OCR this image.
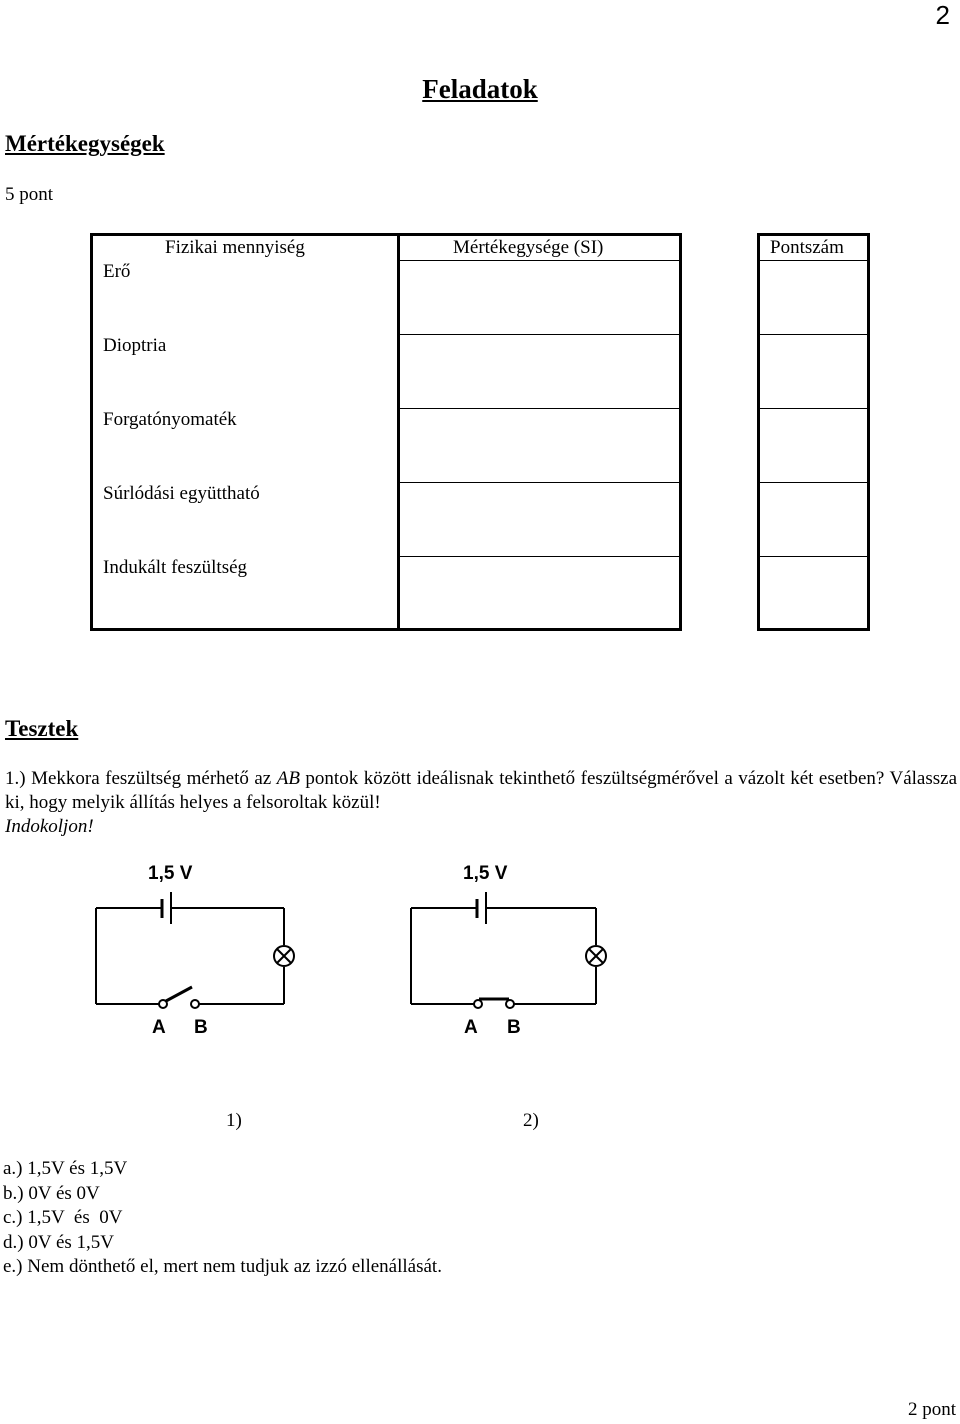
2
Feladatok
Mértékegységek
5 pont
Fizikai mennyiség	Mértékegysége (SI)	Pontszám
Erő
Dioptria
Forgatónyomaték
Súrlódási együttható
Indukált feszültség
Tesztek
1.) Mekkora feszültség mérhető az AB pontok között ideálisnak tekinthető feszültségmérővel a vázolt két esetben? Válassza ki, hogy melyik állítás helyes a felsoroltak közül!
Indokoljon!
1,5 V
A B
1,5 V
A B
1)	2)
a.) 1,5V és 1,5V
b.) 0V és 0V
c.) 1,5V  és  0V
d.) 0V és 1,5V
e.) Nem dönthető el, mert nem tudjuk az izzó ellenállását.
2 pont
